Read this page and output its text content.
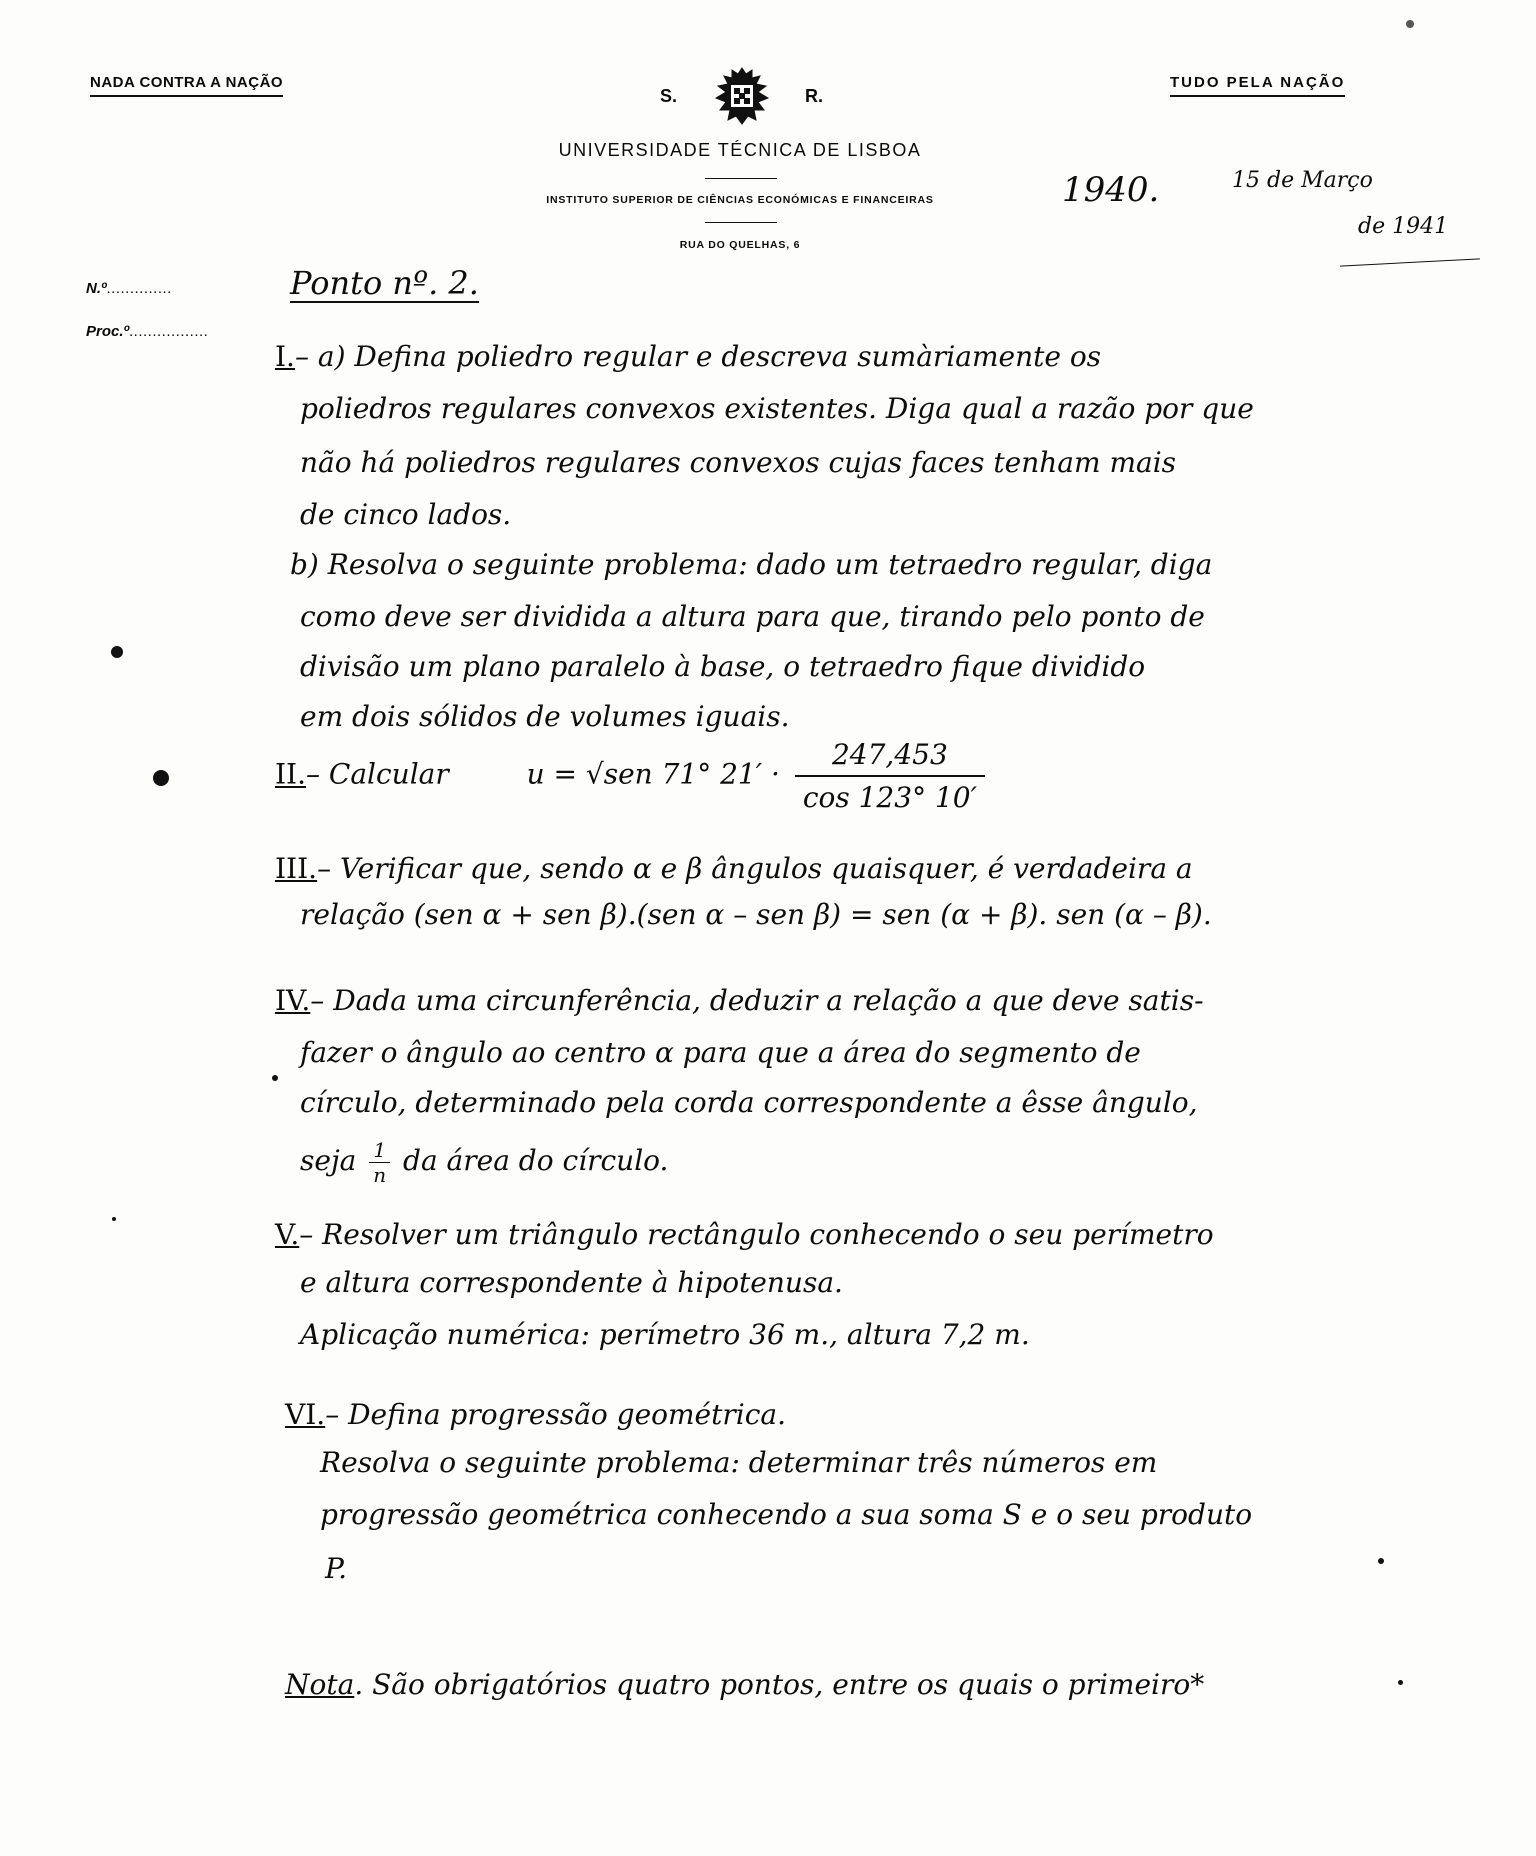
NADA CONTRA A NAÇÃO	TUDO PELA NAÇÃO
S.	R.
UNIVERSIDADE TÉCNICA DE LISBOA
INSTITUTO SUPERIOR DE CIÊNCIAS ECONÓMICAS E FINANCEIRAS
RUA DO QUELHAS, 6
N.º..............
Proc.º.................
1940.	15 de Março
de 1941
Ponto nº. 2.
I.– a) Defina poliedro regular e descreva sumàriamente os
poliedros regulares convexos existentes. Diga qual a razão por que
não há poliedros regulares convexos cujas faces tenham mais
de cinco lados.
b) Resolva o seguinte problema: dado um tetraedro regular, diga
como deve ser dividida a altura para que, tirando pelo ponto de
divisão um plano paralelo à base, o tetraedro fique dividido
em dois sólidos de volumes iguais.
II.– Calcular	u = √sen 71° $21' \cdot \frac{247,453}{\cos 123^\circ 10'}$
III.– Verificar que, sendo α e β ângulos quaisquer, é verdadeira a
relação (sen α + sen β).(sen α – sen β) = sen (α + β). sen (α – β).
IV.– Dada uma circunferência, deduzir a relação a que deve satis-
fazer o ângulo ao centro α para que a área do segmento de
círculo, determinado pela corda correspondente a êsse ângulo,
seja $\frac{1}{n}$ da área do círculo.
V.– Resolver um triângulo rectângulo conhecendo o seu perímetro
e altura correspondente à hipotenusa.
Aplicação numérica: perímetro 36 m., altura 7,2 m.
VI.– Defina progressão geométrica.
Resolva o seguinte problema: determinar três números em
progressão geométrica conhecendo a sua soma S e o seu produto
P.
Nota. São obrigatórios quatro pontos, entre os quais o primeiro*
